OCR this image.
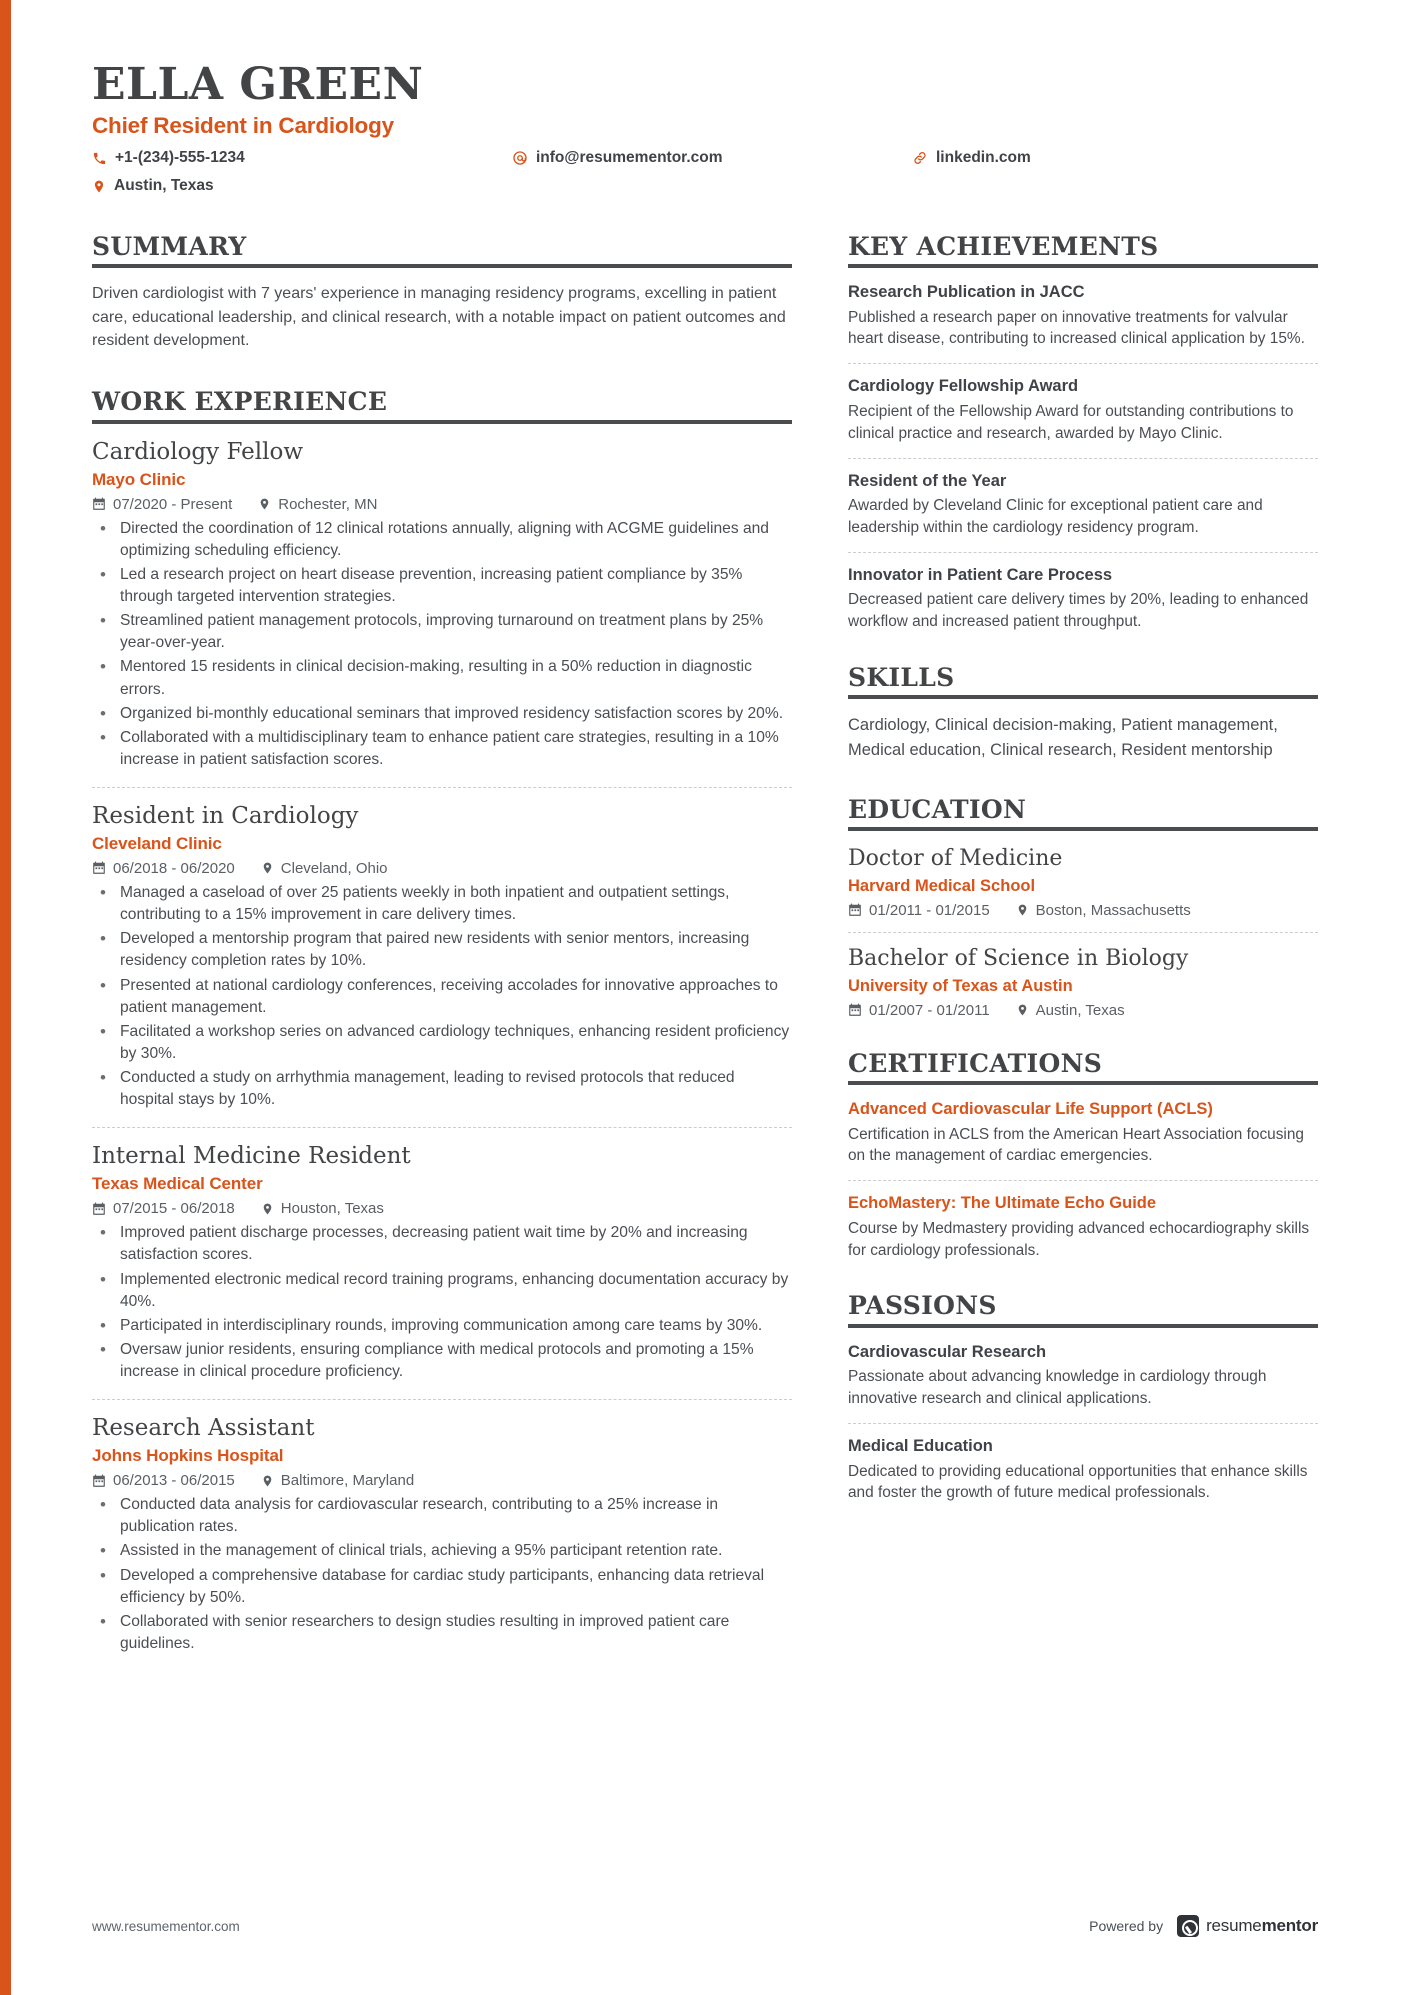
ELLA GREEN
Chief Resident in Cardiology
+1-(234)-555-1234	info@resumementor.com	linkedin.com
Austin, Texas
SUMMARY
Driven cardiologist with 7 years' experience in managing residency programs, excelling in patient care, educational leadership, and clinical research, with a notable impact on patient outcomes and resident development.
WORK EXPERIENCE
Cardiology Fellow
Mayo Clinic
07/2020 - Present	Rochester, MN
• Directed the coordination of 12 clinical rotations annually, aligning with ACGME guidelines and optimizing scheduling efficiency.
• Led a research project on heart disease prevention, increasing patient compliance by 35% through targeted intervention strategies.
• Streamlined patient management protocols, improving turnaround on treatment plans by 25% year-over-year.
• Mentored 15 residents in clinical decision-making, resulting in a 50% reduction in diagnostic errors.
• Organized bi-monthly educational seminars that improved residency satisfaction scores by 20%.
• Collaborated with a multidisciplinary team to enhance patient care strategies, resulting in a 10% increase in patient satisfaction scores.
Resident in Cardiology
Cleveland Clinic
06/2018 - 06/2020	Cleveland, Ohio
• Managed a caseload of over 25 patients weekly in both inpatient and outpatient settings, contributing to a 15% improvement in care delivery times.
• Developed a mentorship program that paired new residents with senior mentors, increasing residency completion rates by 10%.
• Presented at national cardiology conferences, receiving accolades for innovative approaches to patient management.
• Facilitated a workshop series on advanced cardiology techniques, enhancing resident proficiency by 30%.
• Conducted a study on arrhythmia management, leading to revised protocols that reduced hospital stays by 10%.
Internal Medicine Resident
Texas Medical Center
07/2015 - 06/2018	Houston, Texas
• Improved patient discharge processes, decreasing patient wait time by 20% and increasing satisfaction scores.
• Implemented electronic medical record training programs, enhancing documentation accuracy by 40%.
• Participated in interdisciplinary rounds, improving communication among care teams by 30%.
• Oversaw junior residents, ensuring compliance with medical protocols and promoting a 15% increase in clinical procedure proficiency.
Research Assistant
Johns Hopkins Hospital
06/2013 - 06/2015	Baltimore, Maryland
• Conducted data analysis for cardiovascular research, contributing to a 25% increase in publication rates.
• Assisted in the management of clinical trials, achieving a 95% participant retention rate.
• Developed a comprehensive database for cardiac study participants, enhancing data retrieval efficiency by 50%.
• Collaborated with senior researchers to design studies resulting in improved patient care guidelines.
KEY ACHIEVEMENTS
Research Publication in JACC
Published a research paper on innovative treatments for valvular heart disease, contributing to increased clinical application by 15%.
Cardiology Fellowship Award
Recipient of the Fellowship Award for outstanding contributions to clinical practice and research, awarded by Mayo Clinic.
Resident of the Year
Awarded by Cleveland Clinic for exceptional patient care and leadership within the cardiology residency program.
Innovator in Patient Care Process
Decreased patient care delivery times by 20%, leading to enhanced workflow and increased patient throughput.
SKILLS
Cardiology, Clinical decision-making, Patient management, Medical education, Clinical research, Resident mentorship
EDUCATION
Doctor of Medicine
Harvard Medical School
01/2011 - 01/2015	Boston, Massachusetts
Bachelor of Science in Biology
University of Texas at Austin
01/2007 - 01/2011	Austin, Texas
CERTIFICATIONS
Advanced Cardiovascular Life Support (ACLS)
Certification in ACLS from the American Heart Association focusing on the management of cardiac emergencies.
EchoMastery: The Ultimate Echo Guide
Course by Medmastery providing advanced echocardiography skills for cardiology professionals.
PASSIONS
Cardiovascular Research
Passionate about advancing knowledge in cardiology through innovative research and clinical applications.
Medical Education
Dedicated to providing educational opportunities that enhance skills and foster the growth of future medical professionals.
www.resumementor.com	Powered by	resumementor
